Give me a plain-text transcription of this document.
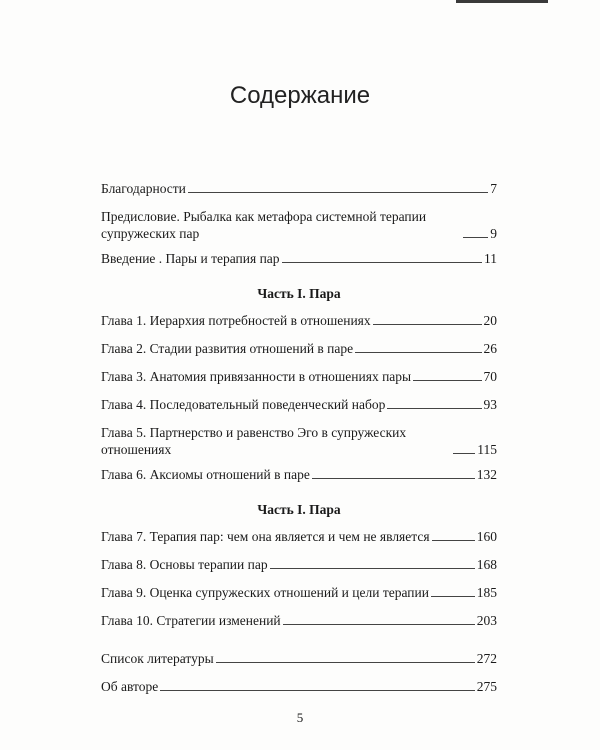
Содержание
Благодарности	7
Предисловие. Рыбалка как метафора системной терапии супружеских пар	9
Введение . Пары и терапия пар	11
Часть I. Пара
Глава 1. Иерархия потребностей в отношениях	20
Глава 2. Стадии развития отношений в паре	26
Глава 3. Анатомия привязанности в отношениях пары	70
Глава 4. Последовательный поведенческий набор	93
Глава 5. Партнерство и равенство Эго в супружеских отношениях	115
Глава 6. Аксиомы отношений в паре	132
Часть I. Пара
Глава 7. Терапия пар: чем она является и чем не является	160
Глава 8. Основы терапии пар	168
Глава 9. Оценка супружеских отношений и цели терапии	185
Глава 10. Стратегии изменений	203
Список литературы	272
Об авторе	275
5
